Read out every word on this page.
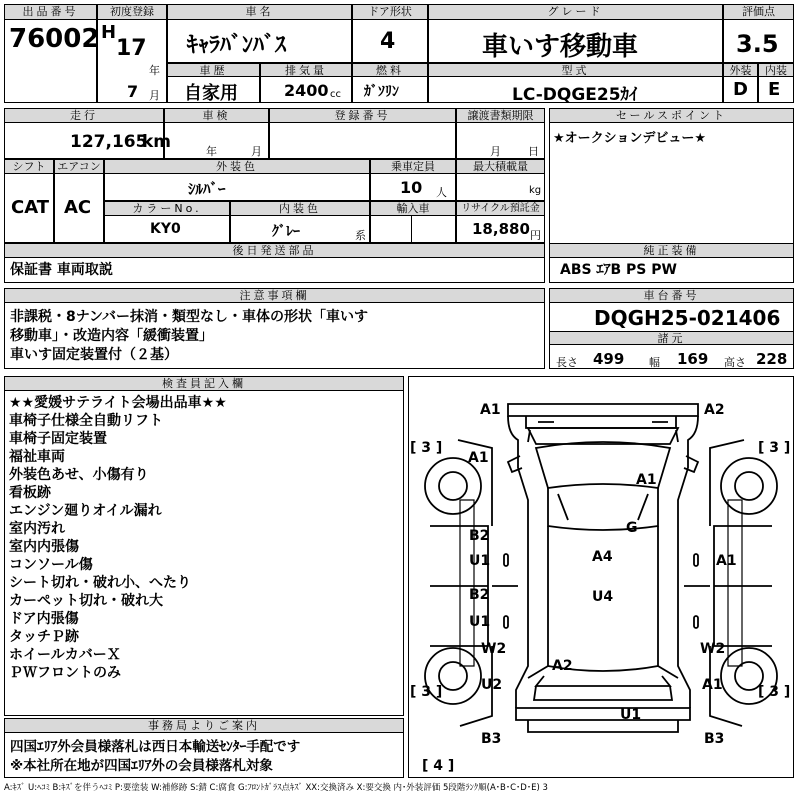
出品番号
76002
初度登録
H
17
年
7 月
車名
ｷｬﾗﾊﾞﾝﾊﾞｽ
ドア形状
4
グレード
車いす移動車
評価点
3.5
車歴
自家用
排気量
2400 cc
燃料
ｶﾞｿﾘﾝ
型式
LC-DQGE25ｶｲ
外装
D
内装
E
走行
127,165
km
車検
年	月
登録番号	譲渡書類期限
月 日
セールスポイント
★オークションデビュー★
シフト
CAT
エアコン
AC
外装色
ｼﾙﾊﾞｰ
乗車定員
10 人
最大積載量
kg
カラーNo.
KY0
内装色
ｸﾞﾚｰ	系
輸入車	リサイクル預託金
18,880 円
後日発送部品
保証書 車両取説
純正装備
ABS ｴｱB PS PW
注意事項欄
非課税・8ナンバー抹消・類型なし・車体の形状「車いす
移動車」・改造内容「緩衝装置」
車いす固定装置付（２基）
車台番号
DQGH25-021406
諸元
長さ 499 幅 169 高さ 228
検査員記入欄
★★愛媛サテライト会場出品車★★
車椅子仕様全自動リフト
車椅子固定装置
福祉車両
外装色あせ、小傷有り
看板跡
エンジン廻りオイル漏れ
室内汚れ
室内内張傷
コンソール傷
シート切れ・破れ小、へたり
カーペット切れ・破れ大
ドア内張傷
タッチＰ跡
ホイールカバーＸ
ＰＷフロントのみ
事務局よりご案内
四国ｴﾘｱ外会員様落札は西日本輸送ｾﾝﾀｰ手配です
※本社所在地が四国ｴﾘｱ外の会員様落札対象
A1	A2
[ 3 ]	[ 3 ]
A1
A1
G
B2
U1	A4	A1
B2
U1
U4
W2	W2
A2
[ 3 ]	U2	[ 3 ]
A1
U1
B3	B3
[ 4 ]
A:ｷｽﾞ U:ﾍｺﾐ B:ｷｽﾞを伴うﾍｺﾐ P:要塗装 W:補修跡 S:錆 C:腐食 G:ﾌﾛﾝﾄｶﾞﾗｽ点ｷｽﾞ XX:交換済み X:要交換 内･外装評価 5段階ﾗﾝｸ順(A･B･C･D･E) 3
